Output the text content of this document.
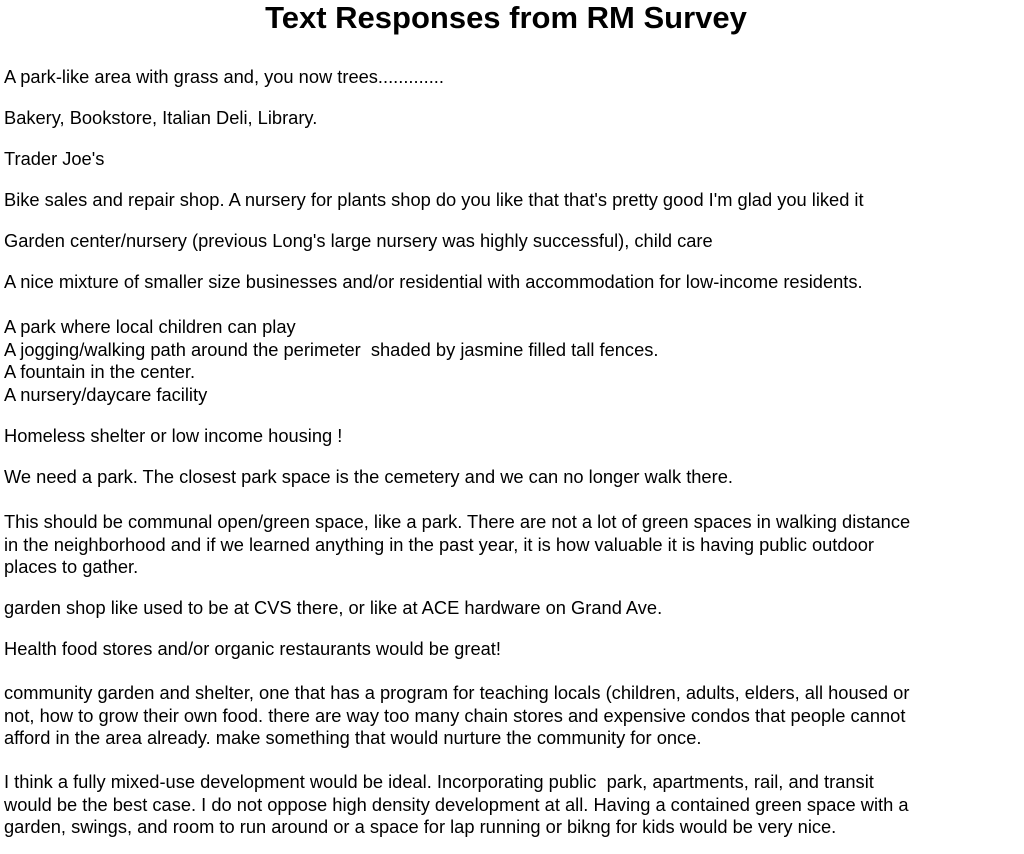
Text Responses from RM Survey
A park-like area with grass and, you now trees.............
Bakery, Bookstore, Italian Deli, Library.
Trader Joe's
Bike sales and repair shop. A nursery for plants shop do you like that that's pretty good I'm glad you liked it
Garden center/nursery (previous Long's large nursery was highly successful), child care
A nice mixture of smaller size businesses and/or residential with accommodation for low-income residents.
A park where local children can play
A jogging/walking path around the perimeter  shaded by jasmine filled tall fences.
A fountain in the center.
A nursery/daycare facility
Homeless shelter or low income housing !
We need a park. The closest park space is the cemetery and we can no longer walk there.
This should be communal open/green space, like a park. There are not a lot of green spaces in walking distance
in the neighborhood and if we learned anything in the past year, it is how valuable it is having public outdoor
places to gather.
garden shop like used to be at CVS there, or like at ACE hardware on Grand Ave.
Health food stores and/or organic restaurants would be great!
community garden and shelter, one that has a program for teaching locals (children, adults, elders, all housed or
not, how to grow their own food. there are way too many chain stores and expensive condos that people cannot
afford in the area already. make something that would nurture the community for once.
I think a fully mixed-use development would be ideal. Incorporating public  park, apartments, rail, and transit
would be the best case. I do not oppose high density development at all. Having a contained green space with a
garden, swings, and room to run around or a space for lap running or bikng for kids would be very nice.
